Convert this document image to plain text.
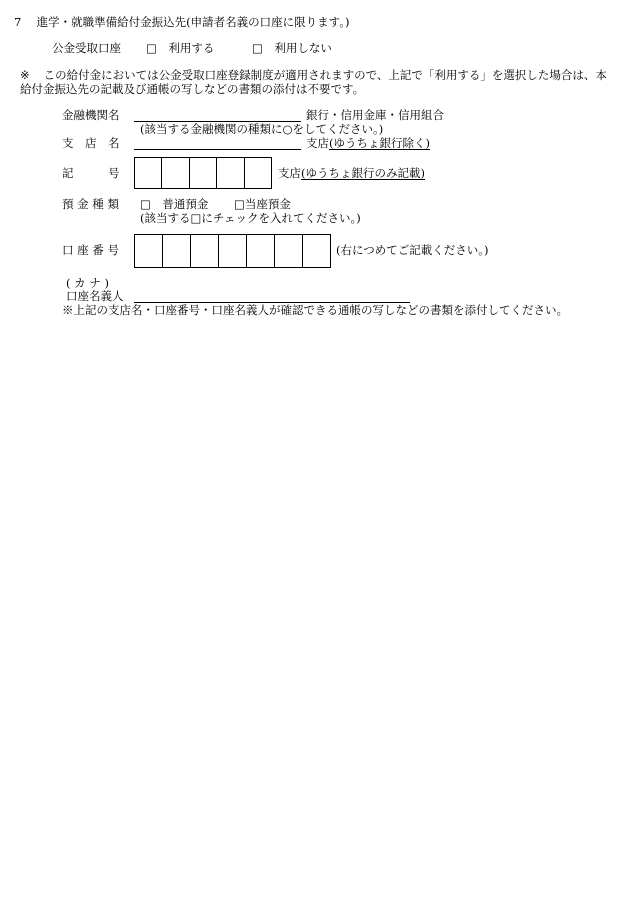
7 進学・就職準備給付金振込先(申請者名義の口座に限ります。)
公金受取口座 □　利用する	□　利用しない
※ この給付金においては公金受取口座登録制度が適用されますので、上記で「利用する」を選択した場合は、本給付金振込先の記載及び通帳の写しなどの書類の添付は不要です。
金融機関名	銀行・信用金庫・信用組合
(該当する金融機関の種類に○をしてください。)
支　店　名	支店(ゆうちょ銀行除く)
記　　　号	支店(ゆうちょ銀行のみ記載)
預 金 種 類 □　普通預金 □当座預金
(該当する□にチェックを入れてください。)
口 座 番 号	(右につめてご記載ください。)
( カ ナ )
口座名義人
※上記の支店名・口座番号・口座名義人が確認できる通帳の写しなどの書類を添付してください。
